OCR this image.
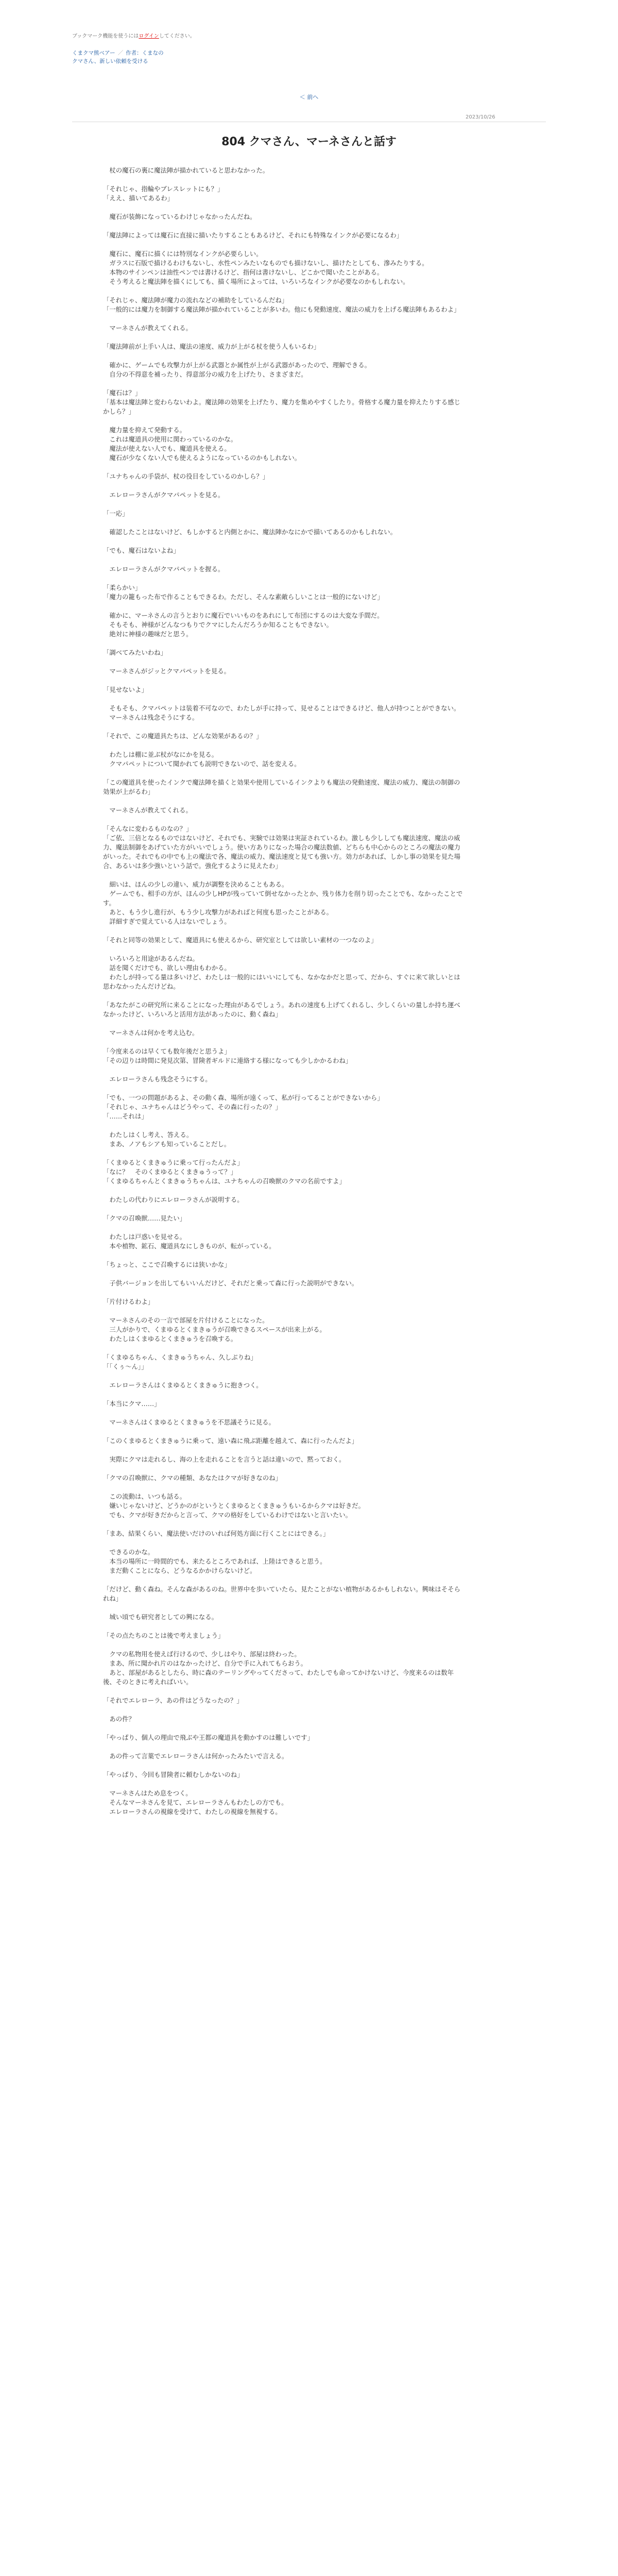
ブックマーク機能を使うにはログインしてください。
くまクマ熊ベアー ／ 作者：くまなの
クマさん、新しい依頼を受ける
＜ 前へ
2023/10/26
804 クマさん、マーネさんと話す
　杖の魔石の裏に魔法陣が描かれていると思わなかった。
「それじゃ、指輪やブレスレットにも？」
「ええ、描いてあるわ」
　魔石が装飾になっているわけじゃなかったんだね。
「魔法陣によっては魔石に直接に描いたりすることもあるけど、それにも特殊なインクが必要になるわ」
　魔石に、魔石に描くには特別なインクが必要らしい。
　ガラスに石版で描けるわけもないし、水性ペンみたいなものでも描けないし、描けたとしても、滲みたりする。
　本物のサインペンは油性ペンでは書けるけど、指何は書けないし、どこかで聞いたことがある。
　そう考えると魔法陣を描くにしても、描く場所によっては、いろいろなインクが必要なのかもしれない。
「それじゃ、魔法陣が魔力の流れなどの補助をしているんだね」
「一般的には魔力を制御する魔法陣が描かれていることが多いわ。他にも発動速度、魔法の威力を上げる魔法陣もあるわよ」
　マーネさんが教えてくれる。
「魔法陣前が上手い人は、魔法の速度、威力が上がる杖を使う人もいるわ」
　確かに、ゲームでも攻撃力が上がる武器とか属性が上がる武器があったので、理解できる。
　自分の不得意を補ったり、得意部分の威力を上げたり、さまざまだ。
「魔石は？」
「基本は魔法陣と変わらないわよ。魔法陣の効果を上げたり、魔力を集めやすくしたり。骨格する魔力量を抑えたりする感じかしら？」
　魔力量を抑えて発動する。
　これは魔道具の使用に関わっているのかな。
　魔法が使えない人でも、魔道具を使える。
　魔石が少なくない人でも使えるようになっているのかもしれない。
「ユナちゃんの手袋が、杖の役目をしているのかしら？」
　エレローラさんがクマパペットを見る。
「一応」
　確認したことはないけど、もしかすると内側とかに、魔法陣かなにかで描いてあるのかもしれない。
「でも、魔石はないよね」
　エレローラさんがクマパペットを握る。
「柔らかい」
「魔力の籠もった布で作ることもできるわ。ただし、そんな素敵らしいことは一般的にないけど」
　確かに、マーネさんの言うとおりに魔石でいいものをあれにして布団にするのは大変な手間だ。
　そもそも、神様がどんなつもりでクマにしたんだろうか知ることもできない。
　絶対に神様の趣味だと思う。
「調べてみたいわね」
　マーネさんがジッとクマパペットを見る。
「見せないよ」
　そもそも、クマパペットは装着不可なので、わたしが手に持って、見せることはできるけど、他人が持つことができない。
　マーネさんは残念そうにする。
「それで、この魔道具たちは、どんな効果があるの？」
　わたしは棚に並ぶ杖がなにかを見る。
　クマパペットについて聞かれても説明できないので、話を変える。
「この魔道具を使ったインクで魔法陣を描くと効果や使用しているインクよりも魔法の発動速度、魔法の威力、魔法の制御の効果が上がるわ」
　マーネさんが教えてくれる。
「そんなに変わるものなの？」
「ご依、三倍となるものではないけど、それでも、実験では効果は実証されているわ。激しも少ししても魔法速度、魔法の威力、魔法制御をあげていた方がいいでしょう。使い方ありになった場合の魔法数値、どちらも中心からのところの魔法の魔力がいった。それでもの中でも上の魔法で各、魔法の威力、魔法速度と見ても強い方。効力があれば、しかし事の効果を見た場合、あるいは多少強いという話で。強化するように見えたわ」
　細いは、ほんの少しの違い、威力が調整を決めることもある。
　ゲームでも、相手の方が、ほんの少しHPが残っていて倒せなかったとか、残り体力を削り切ったことでも、なかったことです。
　あと、もう少し進行が、もう少し攻撃力があればと何度も思ったことがある。
　詳細すぎで覚えている人はないでしょう。
「それと同等の効果として、魔道具にも使えるから、研究室としては欲しい素材の一つなのよ」
　いろいろと用途があるんだね。
　話を聞くだけでも、欲しい理由もわかる。
　わたしが持ってる量は多いけど、わたしは一般的にはいいにしても、なかなかだと思って、だから、すぐに来て欲しいとは思わなかったんだけどね。
「あなたがこの研究所に来ることになった理由があるでしょう。あれの速度も上げてくれるし、少しくらいの量しか持ち運べなかったけど、いろいろと活用方法があったのに、動く森ね」
　マーネさんは何かを考え込む。
「今度来るのは早くても数年後だと思うよ」
「その辺りは時間に発見次第、冒険者ギルドに連絡する様になっても少しかかるわね」
　エレローラさんも残念そうにする。
「でも、一つの問題があるよ、その動く森、場所が遠くって、私が行ってることができないから」
「それじゃ、ユナちゃんはどうやって、その森に行ったの？」
「……それは」
　わたしはくし考え、答える。
　まあ、ノアもシアも知っていることだし。
「くまゆるとくまきゅうに乗って行ったんだよ」
「なに？　そのくまゆるとくまきゅうって？」
「くまゆるちゃんとくまきゅうちゃんは、ユナちゃんの召喚獣のクマの名前ですよ」
　わたしの代わりにエレローラさんが説明する。
「クマの召喚獣……見たい」
　わたしは戸惑いを見せる。
　本や植物、鉱石、魔道具なにしきものが、転がっている。
「ちょっと、ここで召喚するには狭いかな」
　子供バージョンを出してもいいんだけど、それだと乗って森に行った説明ができない。
「片付けるわよ」
　マーネさんのその一言で部屋を片付けることになった。
　三人がかりで、くまゆるとくまきゅうが召喚できるスペースが出来上がる。
　わたしはくまゆるとくまきゅうを召喚する。
「くまゆるちゃん、くまきゅうちゃん、久しぶりね」
「「くぅ～ん」」
　エレローラさんはくまゆるとくまきゅうに抱きつく。
「本当にクマ……」
　マーネさんはくまゆるとくまきゅうを不思議そうに見る。
「このくまゆるとくまきゅうに乗って、遠い森に飛ぶ距離を越えて、森に行ったんだよ」
　実際にクマは走れるし、海の上を走れることを言うと話は違いので、黙っておく。
「クマの召喚獣に、クマの種類、あなたはクマが好きなのね」
　この流動は、いつも話る。
　嫌いじゃないけど、どうかのがというとくまゆるとくまきゅうもいるからクマは好きだ。
　でも、クマが好きだからと言って、クマの格好をしているわけではないと言いたい。
「まあ、結果くらい、魔法使いだけのいれば何処方面に行くことにはできる。」
　できるのかな。
　本当の場所に一時間的でも、来たるところであれば、上陸はできると思う。
　まだ動くことになら、どうなるかかけらないけど。
「だけど、動く森ね。そんな森があるのね。世界中を歩いていたら、見たことがない植物があるかもしれない。興味はそそられね」
　城い頃でも研究者としての興になる。
「その点たちのことは後で考えましょう」
　クマの私物用を使えば行けるので、少しはやり、部屋は終わった。
　まあ、所に聞かれ片のはなかったけど、自分で手に入れてもらおう。
　あと、部屋があるとしたら、時に森のテーリングやってくださって、わたしでも命ってかけないけど、今度来るのは数年後、そのときに考えればいい。
「それでエレローラ、あの件はどうなったの？」
　あの件？
「やっぱり、個人の理由で飛ぶや王都の魔道具を動かすのは難しいです」
　あの件って言葉でエレローラさんは何かったみたいで言える。
「やっぱり、今回も冒険者に頼むしかないのね」
　マーネさんはため息をつく。
　そんなマーネさんを見て、エレローラさんもわたしの方でも。
　エレローラさんの視線を受けて、わたしの視線を無視する。
